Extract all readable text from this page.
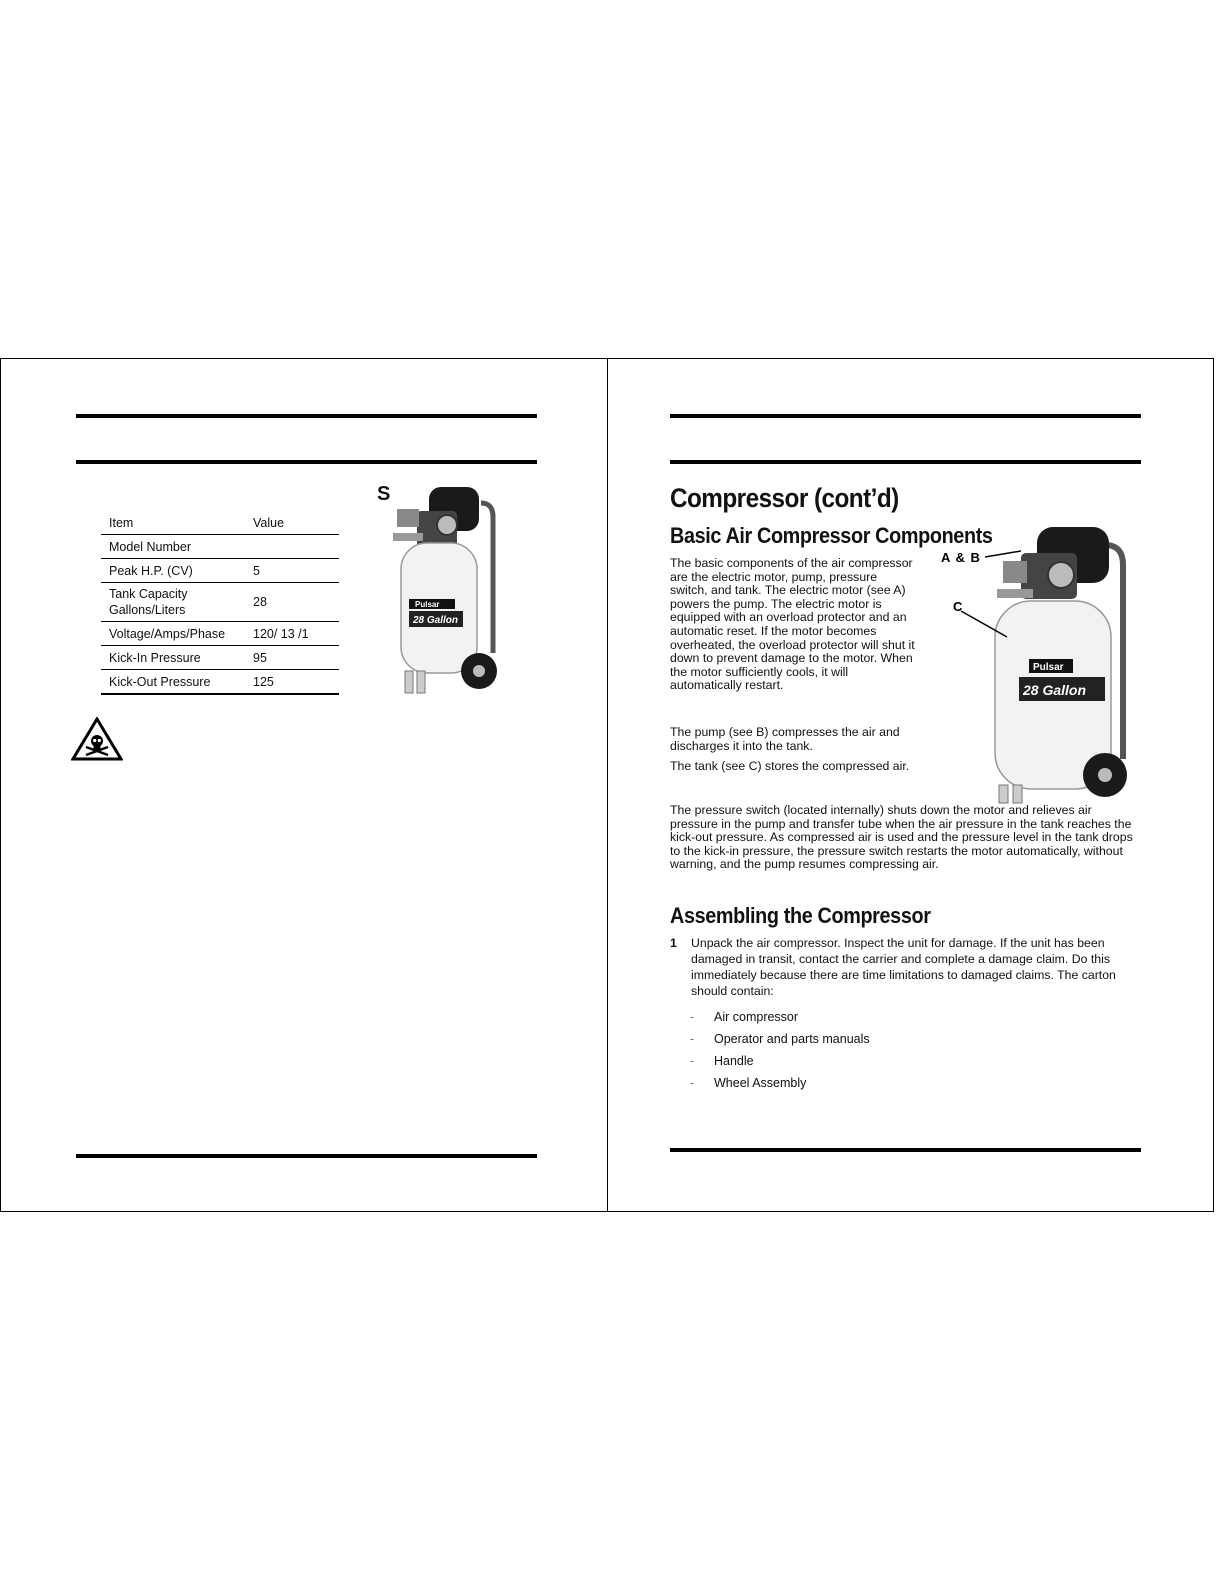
S
Item	Value
Model Number	
Peak H.P. (CV)	5
Tank Capacity Gallons/Liters	28
Voltage/Amps/Phase	120/ 13 /1
Kick-In Pressure	95
Kick-Out Pressure	125
Pulsar
28 Gallon
Compressor (cont’d)
Basic Air Compressor Components
The basic components of the air compressor are the electric motor, pump, pressure switch, and tank. The electric motor (see A) powers the pump. The electric motor is equipped with an overload protector and an automatic reset. If the motor becomes overheated, the overload protector will shut it down to prevent damage to the motor. When the motor sufficiently cools, it will automatically restart.
The pump (see B) compresses the air and discharges it into the tank.
The tank (see C) stores the compressed air.
The pressure switch (located internally) shuts down the motor and relieves air pressure in the pump and transfer tube when the air pressure in the tank reaches the kick-out pressure. As compressed air is used and the pressure level in the tank drops to the kick-in pressure, the pressure switch restarts the motor automatically, without warning, and the pump resumes compressing air.
Pulsar
28 Gallon
A & B
C
Assembling the Compressor
1 Unpack the air compressor. Inspect the unit for damage. If the unit has been damaged in transit, contact the carrier and complete a damage claim. Do this immediately because there are time limitations to damaged claims. The carton should contain:
- Air compressor
- Operator and parts manuals
- Handle
- Wheel Assembly
